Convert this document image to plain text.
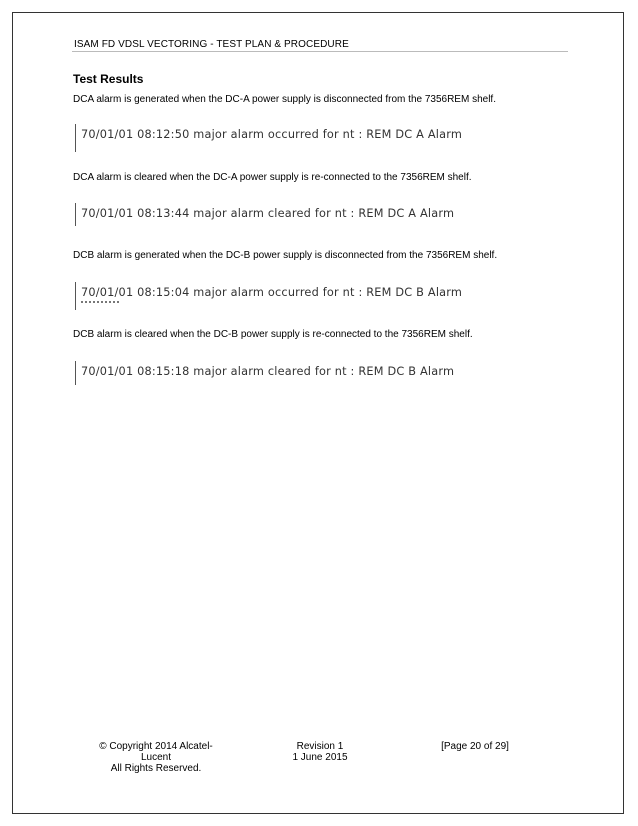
ISAM FD VDSL VECTORING - TEST PLAN & PROCEDURE
Test Results
DCA alarm is generated when the DC-A power supply is disconnected from the 7356REM shelf.
70/01/01 08:12:50 major alarm occurred for nt : REM DC A Alarm
DCA alarm is cleared when the DC-A power supply is re-connected to the 7356REM shelf.
70/01/01 08:13:44 major alarm cleared for nt : REM DC A Alarm
DCB alarm is generated when the DC-B power supply is disconnected from the 7356REM shelf.
70/01/01 08:15:04 major alarm occurred for nt : REM DC B Alarm
DCB alarm is cleared when the DC-B power supply is re-connected to the 7356REM shelf.
70/01/01 08:15:18 major alarm cleared for nt : REM DC B Alarm
© Copyright 2014 Alcatel-Lucent
All Rights Reserved.
Revision 1
1 June 2015
[Page 20 of 29]
